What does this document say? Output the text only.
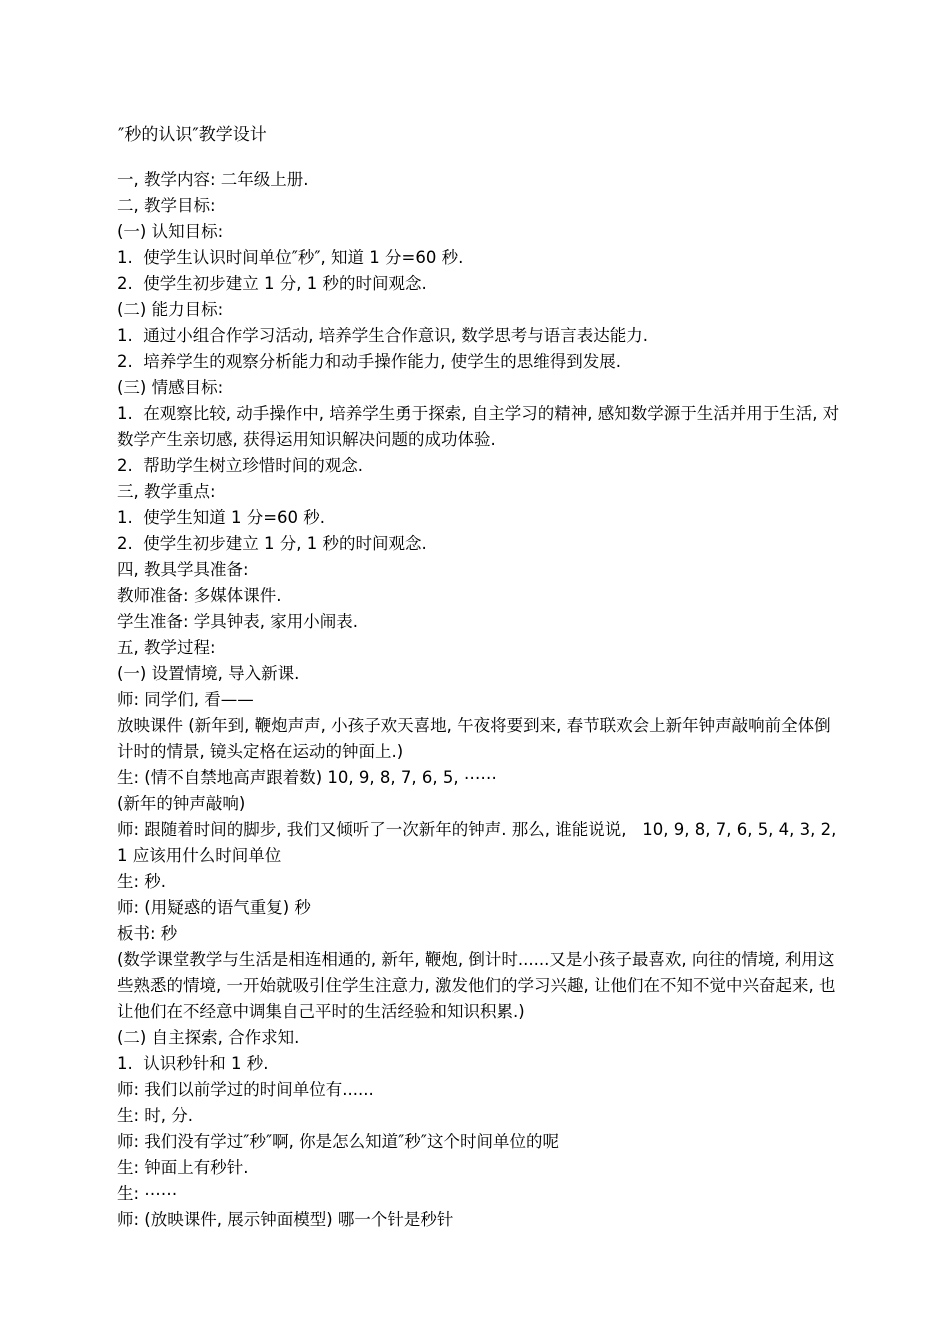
″秒的认识″教学设计

一, 教学内容: 二年级上册.

二, 教学目标:

(一) 认知目标:

1.  使学生认识时间单位″秒″, 知道 1 分=60 秒.

2.  使学生初步建立 1 分, 1 秒的时间观念.

(二) 能力目标:

1.  通过小组合作学习活动, 培养学生合作意识, 数学思考与语言表达能力.

2.  培养学生的观察分析能力和动手操作能力, 使学生的思维得到发展.

(三) 情感目标:

1.  在观察比较, 动手操作中, 培养学生勇于探索, 自主学习的精神, 感知数学源于生活并用于生活, 对数学产生亲切感, 获得运用知识解决问题的成功体验.

2.  帮助学生树立珍惜时间的观念.

三, 教学重点:

1.  使学生知道 1 分=60 秒.

2.  使学生初步建立 1 分, 1 秒的时间观念.

四, 教具学具准备:

教师准备: 多媒体课件.

学生准备: 学具钟表, 家用小闹表.

五, 教学过程:

(一) 设置情境, 导入新课.

师: 同学们, 看——

放映课件 (新年到, 鞭炮声声, 小孩子欢天喜地, 午夜将要到来, 春节联欢会上新年钟声敲响前全体倒计时的情景, 镜头定格在运动的钟面上.)

生: (情不自禁地高声跟着数) 10, 9, 8, 7, 6, 5, ⋯⋯

(新年的钟声敲响)

师: 跟随着时间的脚步, 我们又倾听了一次新年的钟声. 那么, 谁能说说,   10, 9, 8, 7, 6, 5, 4, 3, 2, 1 应该用什么时间单位

生: 秒.

师: (用疑惑的语气重复) 秒

板书: 秒

(数学课堂教学与生活是相连相通的, 新年, 鞭炮, 倒计时......又是小孩子最喜欢, 向往的情境, 利用这些熟悉的情境, 一开始就吸引住学生注意力, 激发他们的学习兴趣, 让他们在不知不觉中兴奋起来, 也让他们在不经意中调集自己平时的生活经验和知识积累.)

(二) 自主探索, 合作求知.

1.  认识秒针和 1 秒.

师: 我们以前学过的时间单位有......

生: 时, 分.

师: 我们没有学过″秒″啊, 你是怎么知道″秒″这个时间单位的呢

生: 钟面上有秒针.

生: ⋯⋯

师: (放映课件, 展示钟面模型) 哪一个针是秒针
